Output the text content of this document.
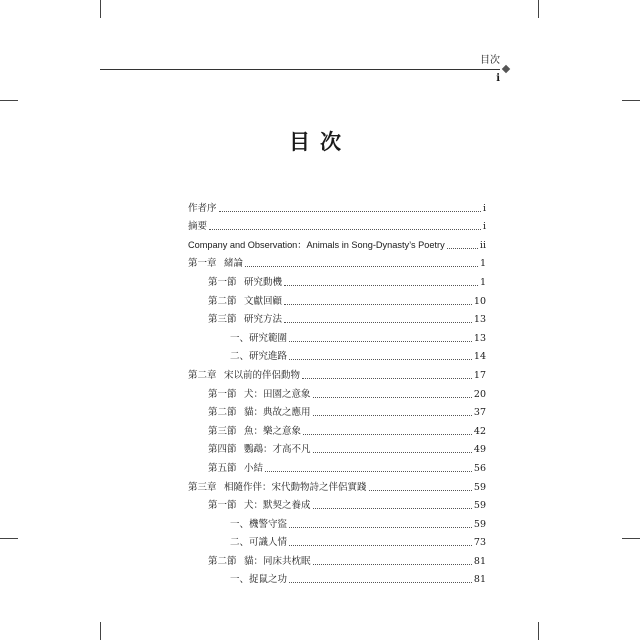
目次
i
目次
作者序	i
摘要	i
Company and Observation：Animals in Song-Dynasty’s Poetry	ii
第一章 緒論	1
第一節 研究動機	1
第二節 文獻回顧	10
第三節 研究方法	13
一、研究範圍	13
二、研究進路	14
第二章 宋以前的伴侶動物	17
第一節 犬：田園之意象	20
第二節 貓：典故之應用	37
第三節 魚：樂之意象	42
第四節 鸚鵡：才高不凡	49
第五節 小結	56
第三章 相隨作伴：宋代動物詩之伴侶實踐	59
第一節 犬：默契之養成	59
一、機警守盜	59
二、可識人情	73
第二節 貓：同床共枕眠	81
一、捉鼠之功	81
